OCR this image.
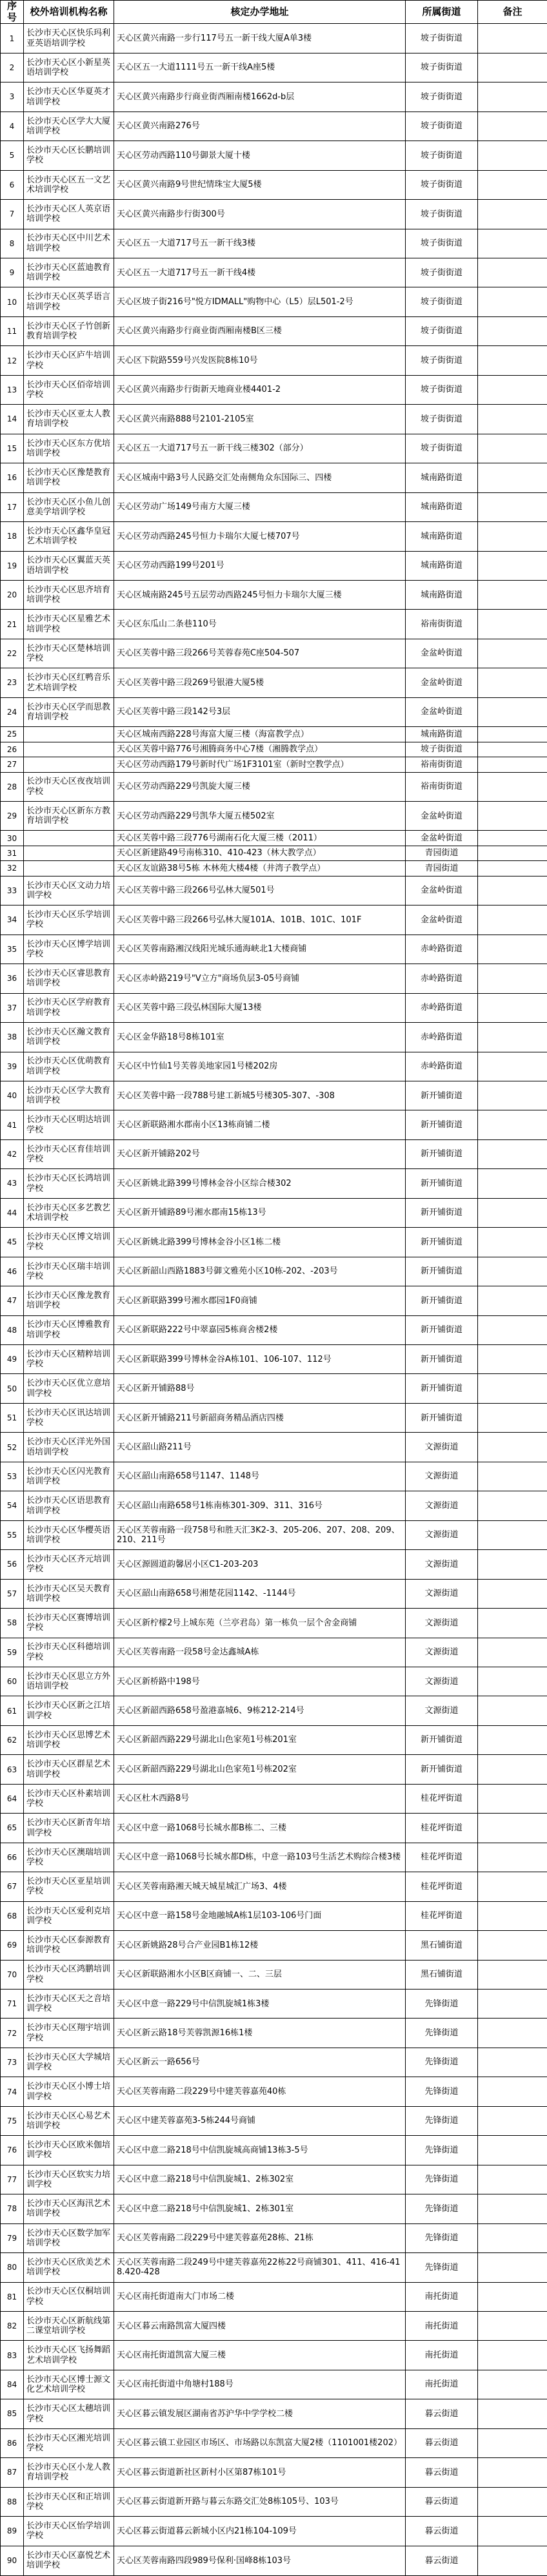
序号	校外培训机构名称	核定办学地址	所属街道	备注
1	长沙市天心区快乐玛利亚英语培训学校	天心区黄兴南路一步行117号五一新干线大厦A单3楼	坡子街街道	
2	长沙市天心区小新星英语培训学校	天心区五一大道1111号五一新干线A座5楼	坡子街街道	
3	长沙市天心区华夏英才培训学校	天心区黄兴南路步行商业街西厢南楼1662d-b层	坡子街街道	
4	长沙市天心区学大大厦培训学校	天心区黄兴南路276号	坡子街街道	
5	长沙市天心区长鹏培训学校	天心区劳动西路110号御景大厦十楼	坡子街街道	
6	长沙市天心区五一文艺术培训学校	天心区黄兴南路9号世纪情珠宝大厦5楼	坡子街街道	
7	长沙市天心区人英京语培训学校	天心区黄兴南路步行街300号	坡子街街道	
8	长沙市天心区中川艺术培训学校	天心区五一大道717号五一新干线3楼	坡子街街道	
9	长沙市天心区蓝迪教育培训学校	天心区五一大道717号五一新干线4楼	坡子街街道	
10	长沙市天心区英孚语言培训学校	天心区坡子街216号"悦方IDMALL"购物中心（L5）层L501-2号	坡子街街道	
11	长沙市天心区子竹创新教育培训学校	天心区黄兴南路步行商业街西厢南楼B区三楼	坡子街街道	
12	长沙市天心区庐牛培训学校	天心区下院路559号兴发医院8栋10号	坡子街街道	
13	长沙市天心区佰帝培训学校	天心区黄兴南路步行街新天地商业楼4401-2	坡子街街道	
14	长沙市天心区亚太人教育培训学校	天心区黄兴南路888号2101-2105室	坡子街街道	
15	长沙市天心区东方优培培训学校	天心区五一大道717号五一新干线三楼302（部分）	坡子街街道	
16	长沙市天心区豫楚教育培训学校	天心区城南中路3号人民路交汇处南侧角众东国际三、四楼	城南路街道	
17	长沙市天心区小鱼儿创意美学培训学校	天心区劳动广场149号南方大厦三楼	城南路街道	
18	长沙市天心区鑫华皇冠艺术培训学校	天心区劳动西路245号恒力卡瑞尔大厦七楼707号	城南路街道	
19	长沙市天心区翼蓝天英语培训学校	天心区劳动西路199号201号	城南路街道	
20	长沙市天心区思齐培育培训学校	天心区城南路245号五层劳动西路245号恒力卡瑞尔大厦三楼	城南路街道	
21	长沙市天心区星雅艺术培训学校	天心区东瓜山二条巷110号	裕南街街道	
22	长沙市天心区楚林培训学校	天心区芙蓉中路三段266号芙蓉春苑C座504-507	金盆岭街道	
23	长沙市天心区红鸭音乐艺术培训学校	天心区芙蓉中路三段269号银港大厦5楼	金盆岭街道	
24	长沙市天心区学而思教育培训学校	天心区芙蓉中路三段142号3层	金盆岭街道	
25		天心区城南西路228号海富大厦三楼（海富教学点）	城南路街道	
26		天心区芙蓉中路776号湘腾商务中心7楼（湘腾教学点）	坡子街街道	
27		天心区劳动西路179号新时代广场1F3101室（新时空教学点）	裕南街街道	
28	长沙市天心区夜夜培训学校	天心区劳动西路229号凯旋大厦三楼	裕南街街道	
29	长沙市天心区新东方教育培训学校	天心区劳动西路229号凯华大厦五楼502室	金盆岭街道	
30		天心区芙蓉中路三段776号湖南石化大厦三楼（2011）	金盆岭街道	
31		天心区新建路49号南栋310、410-423（林大教学点）	青园街道	
32		天心区友谊路38号5栋 木林苑大楼4楼（井湾子教学点）	青园街道	
33	长沙市天心区文动力培训学校	天心区芙蓉中路三段266号弘林大厦501号	金盆岭街道	
34	长沙市天心区乐学培训学校	天心区芙蓉中路三段266号弘林大厦101A、101B、101C、101F	金盆岭街道	
35	长沙市天心区博学培训学校	天心区芙蓉南路湘汉线阳光城乐通海峡北1大楼商铺	赤岭路街道	
36	长沙市天心区睿思教育培训学校	天心区赤岭路219号"V立方"商场负层3-05号商铺	赤岭路街道	
37	长沙市天心区学府教育培训学校	天心区芙蓉中路三段弘林国际大厦13楼	赤岭路街道	
38	长沙市天心区瀚文教育培训学校	天心区金华路18号8栋101室	赤岭路街道	
39	长沙市天心区优萌教育培训学校	天心区中竹仙1号芙蓉美地家园1号楼202房	赤岭路街道	
40	长沙市天心区学大教育培训学校	天心区芙蓉中路一段788号建工新城5号楼305-307、-308	新开铺街道	
41	长沙市天心区明达培训学校	天心区新联路湘水郡南小区13栋商铺二楼	新开铺街道	
42	长沙市天心区育佳培训学校	天心区新开铺路202号	新开铺街道	
43	长沙市天心区长鸿培训学校	天心区新姚北路399号博林金谷小区综合楼302	新开铺街道	
44	长沙市天心区多艺教艺术培训学校	天心区新开铺路89号湘水郡南15栋13号	新开铺街道	
45	长沙市天心区博文培训学校	天心区新姚北路399号博林金谷小区1栋二楼	新开铺街道	
46	长沙市天心区瑞丰培训学校	天心区新韶山西路1883号御文雅苑小区10栋-202、-203号	新开铺街道	
47	长沙市天心区豫龙教育培训学校	天心区新联路399号湘水郡园1F0商铺	新开铺街道	
48	长沙市天心区博雅教育培训学校	天心区新联路222号中翠嘉园5栋商舍楼2楼	新开铺街道	
49	长沙市天心区精粹培训学校	天心区新联路399号博林金谷A栋101、106-107、112号	新开铺街道	
50	长沙市天心区优立意培训学校	天心区新开铺路88号	新开铺街道	
51	长沙市天心区讯达培训学校	天心区新开铺路211号新韶商务精品酒店四楼	新开铺街道	
52	长沙市天心区洋光外国语培训学校	天心区韶山路211号	文源街道	
53	长沙市天心区闪光教育培训学校	天心区韶山南路658号1147、1148号	文源街道	
54	长沙市天心区语思教育培训学校	天心区韶山南路658号1栋南栋301-309、311、316号	文源街道	
55	长沙市天心区华樱英语培训学校	天心区芙蓉南路一段758号和胜天汇3K2-3、205-206、207、208、209、210、211号	文源街道	
56	长沙市天心区齐元培训学校	天心区源圆道韵馨居小区C1-203-203	文源街道	
57	长沙市天心区吴天教育培训学校	天心区韶山南路658号湘楚花园1142、-1144号	文源街道	
58	长沙市天心区赛博培训学校	天心区新柠檬2号上城东苑（兰亭君岛）第一栋负一层个舍金商铺	文源街道	
59	长沙市天心区科德培训学校	天心区芙蓉南路一段58号金达鑫城A栋	文源街道	
60	长沙市天心区思立方外语培训学校	天心区新桥路中198号	文源街道	
61	长沙市天心区新之江培训学校	天心区新韶西路658号盈港嘉城6、9栋212-214号	文源街道	
62	长沙市天心区思博艺术培训学校	天心区新韶西路229号湖北山色家苑1号栋201室	新开铺街道	
63	长沙市天心区群星艺术培训学校	天心区新韶西路229号湖北山色家苑1号栋202室	新开铺街道	
64	长沙市天心区朴素培训学校	天心区杜木西路8号	桂花坪街道	
65	长沙市天心区新青年培训学校	天心区中意一路1068号长城水都B栋二、三楼	桂花坪街道	
66	长沙市天心区澳瑞培训学校	天心区中意一路1068号长城水都D栋，中意一路103号生活艺术购综合楼3楼	桂花坪街道	
67	长沙市天心区亚星培训学校	天心区芙蓉南路湘天城天城星城汇广场3、4楼	桂花坪街道	
68	长沙市天心区爱利克培训学校	天心区中意一路158号金地融城A栋1层103-106号门面	桂花坪街道	
69	长沙市天心区泰源教育培训学校	天心区新姚路28号合产业园B1栋12楼	黑石铺街道	
70	长沙市天心区鸿鹏培训学校	天心区新联路湘水小区B区商铺一、二、三层	黑石铺街道	
71	长沙市天心区天之音培训学校	天心区中意一路229号中信凯旋城1栋3楼	先锋街道	
72	长沙市天心区翔宇培训学校	天心区新云路18号芙蓉凯源16栋1楼	先锋街道	
73	长沙市天心区大学城培训学校	天心区新云一路656号	先锋街道	
74	长沙市天心区小博士培训学校	天心区芙蓉南路二段229号中建芙蓉嘉苑40栋	先锋街道	
75	长沙市天心区心易艺术培训学校	天心区中建芙蓉嘉苑3-5栋244号商铺	先锋街道	
76	长沙市天心区欧米伽培训学校	天心区中意二路218号中信凯旋城高商铺13栋3-5号	先锋街道	
77	长沙市天心区软实力培训学校	天心区中意二路218号中信凯旋城1、2栋302室	先锋街道	
78	长沙市天心区海汛艺术培训学校	天心区中意二路218号中信凯旋城1、2栋301室	先锋街道	
79	长沙市天心区数学加军培训学校	天心区芙蓉南路二段229号中建芙蓉嘉苑28栋、21栋	先锋街道	
80	长沙市天心区欣美艺术培训学校	天心区芙蓉南路二段249号中建芙蓉嘉苑22栋22号商铺301、411、416-418.420-428	先锋街道	
81	长沙市天心区仅桐培训学校	天心区南托街道南大门市场二楼	南托街道	
82	长沙市天心区新航线第二课堂培训学校	天心区暮云南路凯富大厦四楼	南托街道	
83	长沙市天心区飞扬舞蹈艺术培训学校	天心区南托街道凯富大厦三楼	南托街道	
84	长沙市天心区博士源文化艺术培训学校	天心区南托街道中角塘村188号	南托街道	
85	长沙市天心区太穗培训学校	天心区暮云镇发展区湖南省苏沪华中学学校二楼	暮云街道	
86	长沙市天心区湘光培训学校	天心区暮云镇工业园区市场区、市场路以东凯富大厦2楼（1101001楼202）	暮云街道	
87	长沙市天心区小龙人教育培训学校	天心区暮云街道新社区新村小区第87栋101号	暮云街道	
88	长沙市天心区和正培训学校	天心区暮云街道新开路与暮云东路交汇处8栋105号、103号	暮云街道	
89	长沙市天心区怡学培训学校	天心区暮云街道暮云新城小区内21栋104-109号	暮云街道	
90	长沙市天心区嘉悦艺术培训学校	天心区芙蓉南路四段989号保利·国峰8栋103号	暮云街道	
